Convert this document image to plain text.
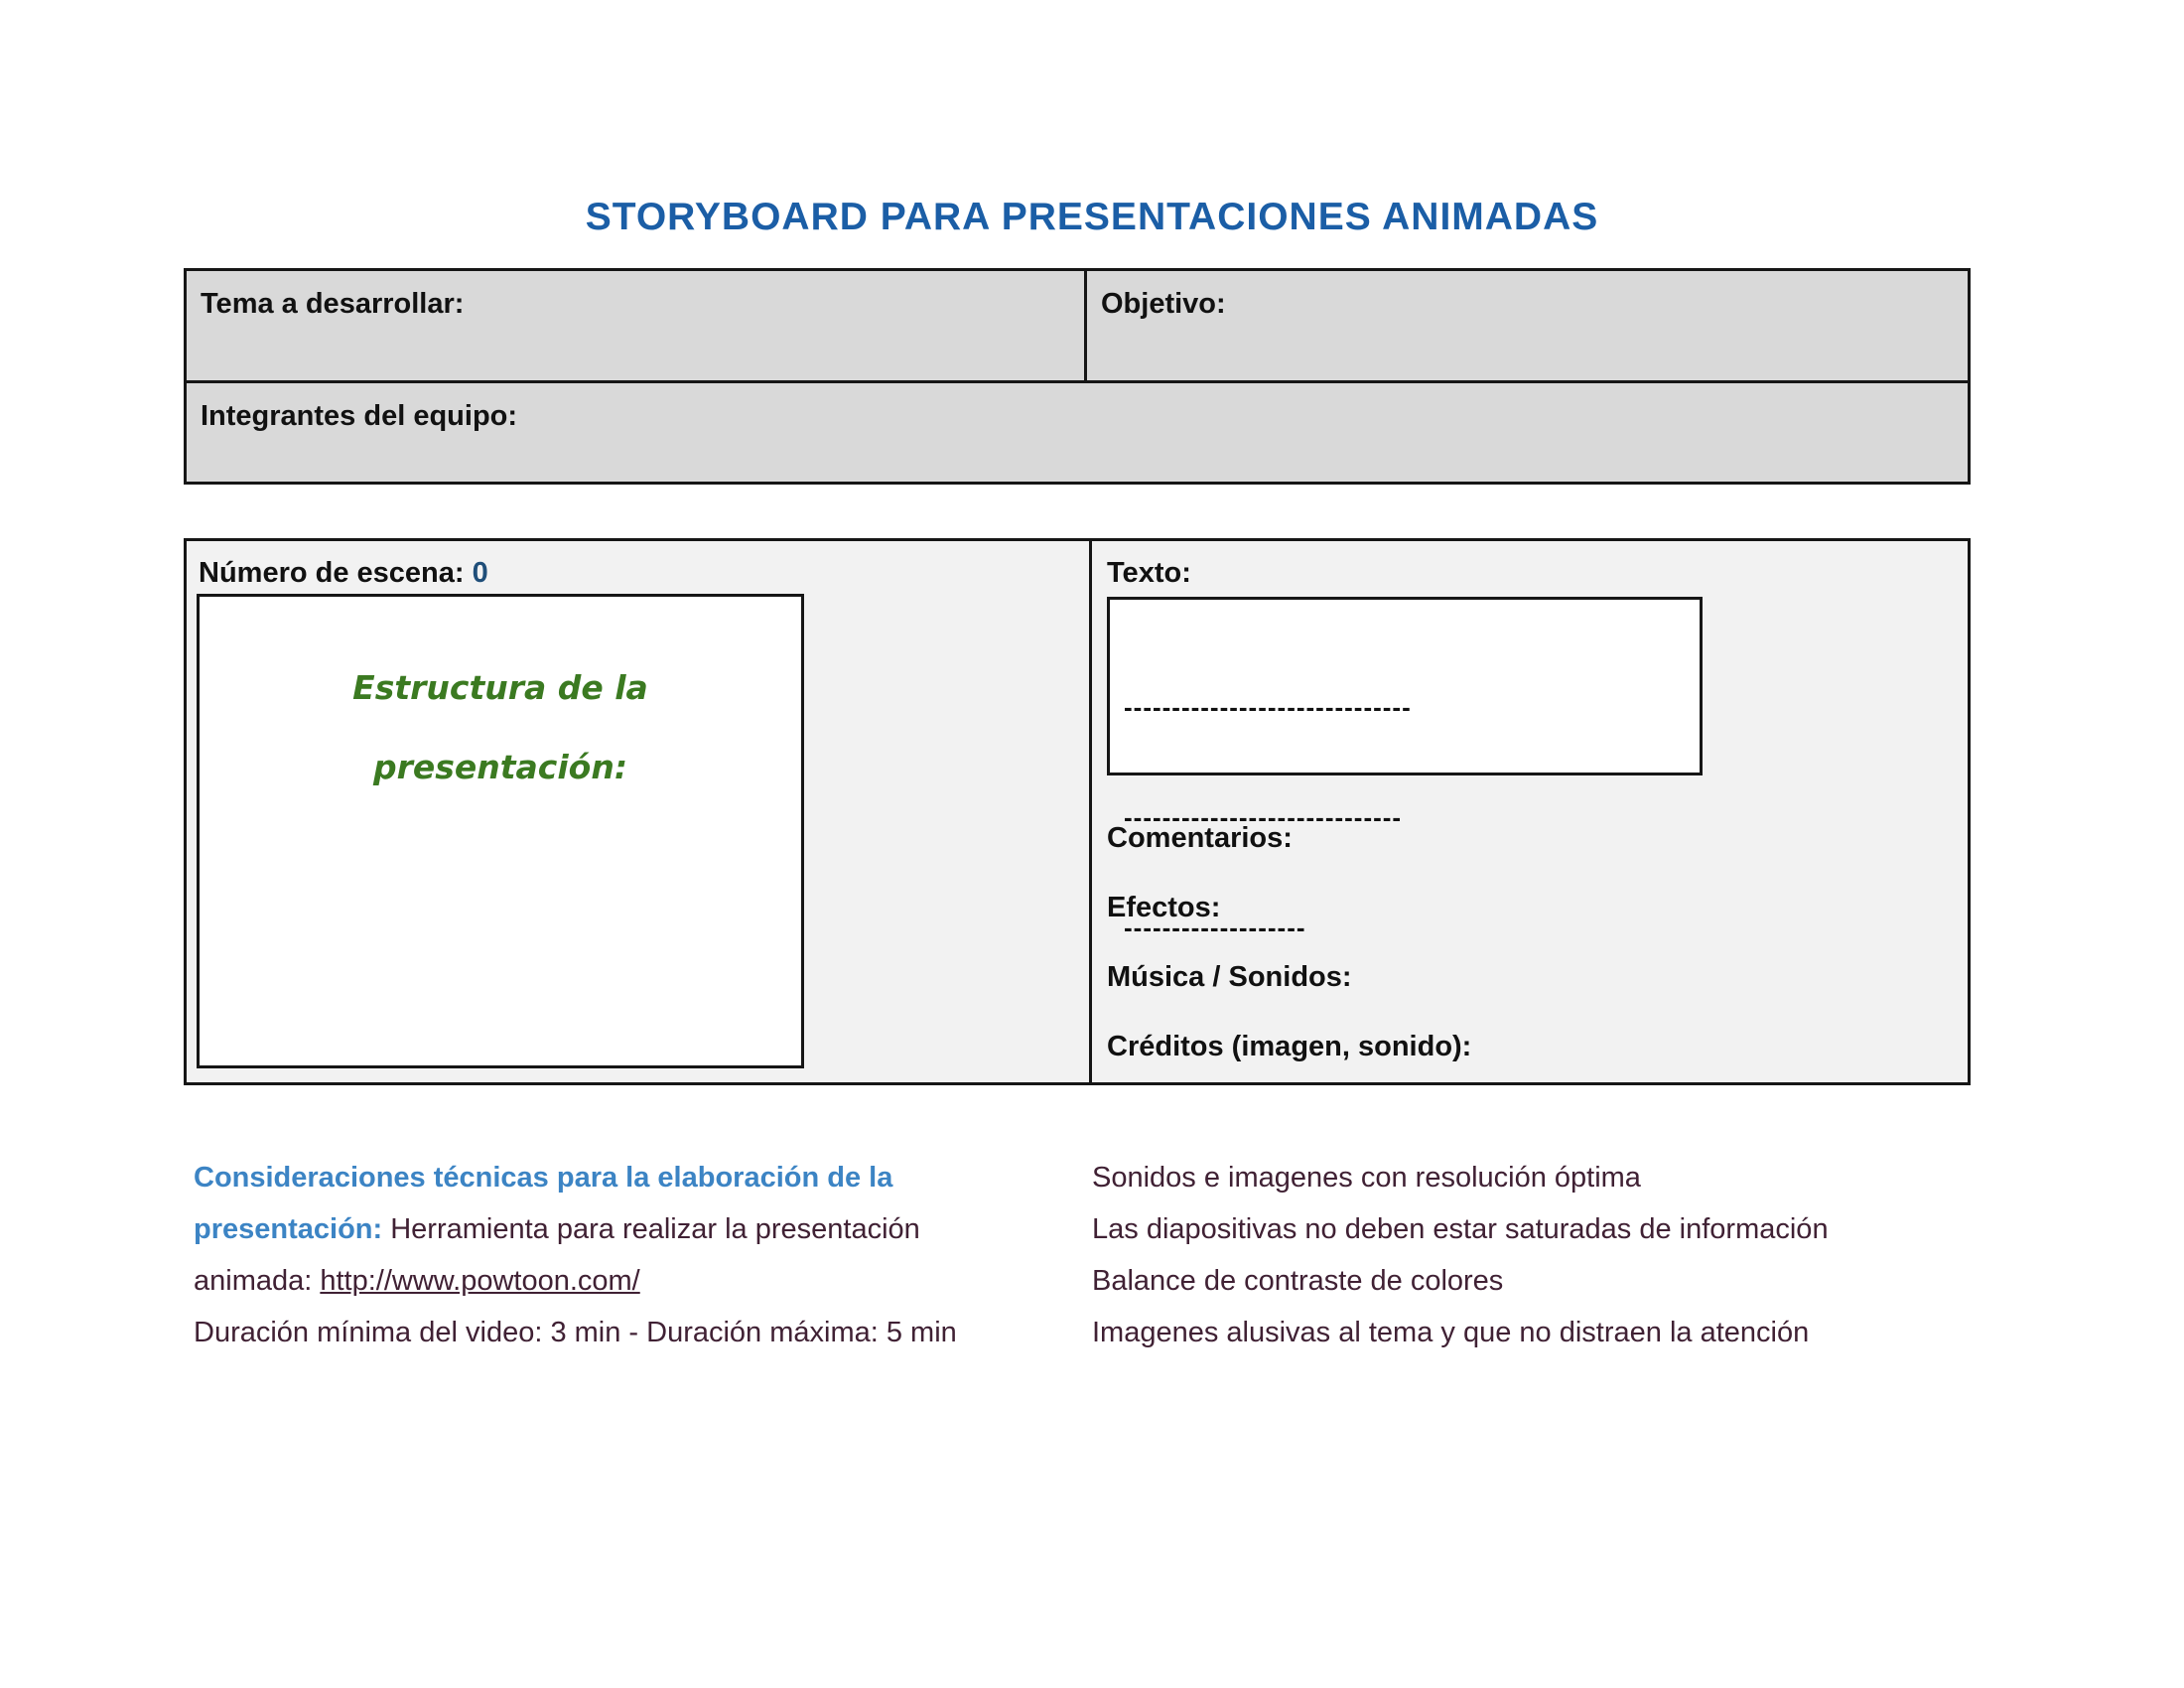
STORYBOARD PARA PRESENTACIONES ANIMADAS
Tema a desarrollar:	Objetivo:
Integrantes del equipo:
Número de escena: 0
Estructura de la
presentación:
Texto:

------------------------------

-----------------------------

-------------------

Comentarios:
Efectos:
Música / Sonidos:
Créditos (imagen, sonido):
Consideraciones técnicas para la elaboración de la
presentación: Herramienta para realizar la presentación
animada: http://www.powtoon.com/
Duración mínima del video: 3 min - Duración máxima: 5 min
Sonidos e imagenes con resolución óptima
Las diapositivas no deben estar saturadas de información
Balance de contraste de colores
Imagenes alusivas al tema y que no distraen la atención
